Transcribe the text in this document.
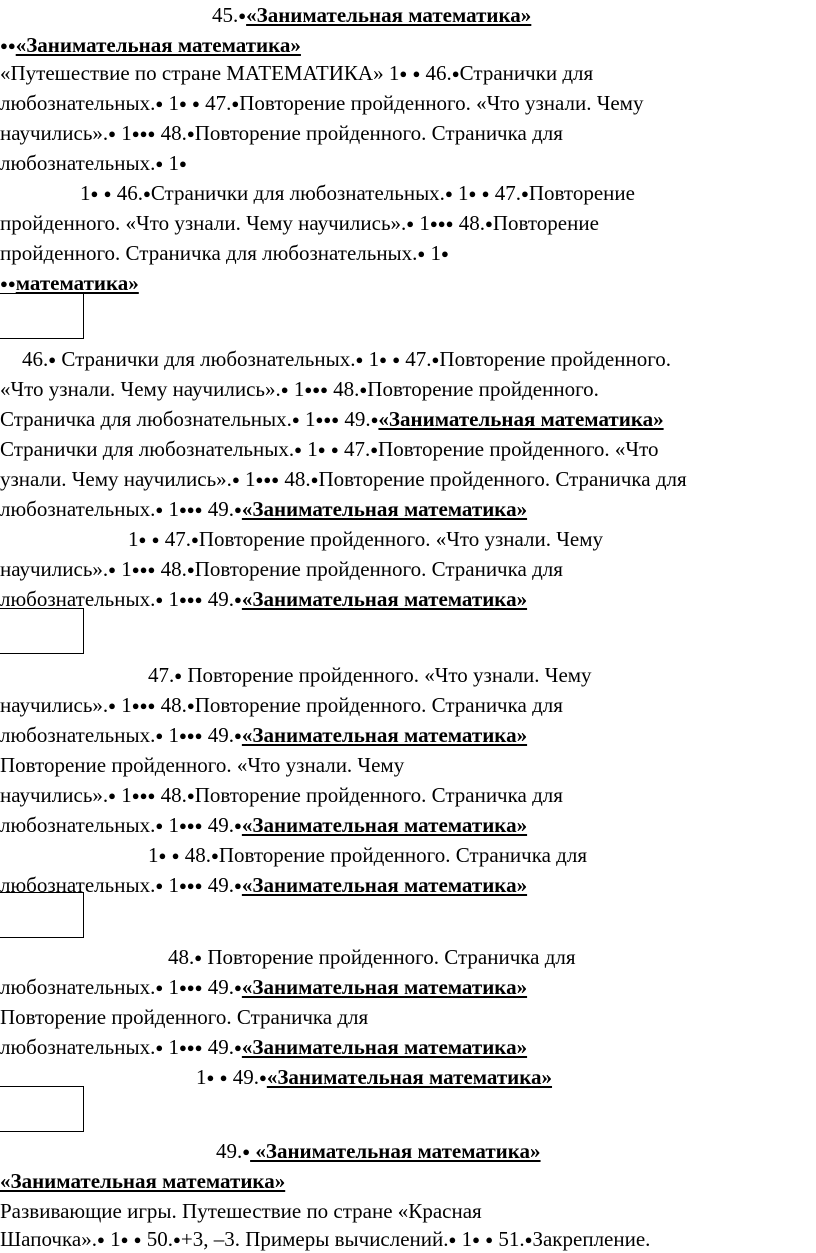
45.●«Занимательная математика»
●●«Занимательная математика»
«Путешествие по стране МАТЕМАТИКА» 1● ● 46.●Странички для
любознательных.● 1● ● 47.●Повторение пройденного. «Что узнали. Чему
научились».● 1●●● 48.●Повторение пройденного. Страничка для
любознательных.● 1●
1● ● 46.●Странички для любознательных.● 1● ● 47.●Повторение
пройденного. «Что узнали. Чему научились».● 1●●● 48.●Повторение
пройденного. Страничка для любознательных.● 1●
●●математика»
46.● Странички для любознательных.● 1● ● 47.●Повторение пройденного.
«Что узнали. Чему научились».● 1●●● 48.●Повторение пройденного.
Страничка для любознательных.● 1●●● 49.●«Занимательная математика»
Странички для любознательных.● 1● ● 47.●Повторение пройденного. «Что
узнали. Чему научились».● 1●●● 48.●Повторение пройденного. Страничка для
любознательных.● 1●●● 49.●«Занимательная математика»
1● ● 47.●Повторение пройденного. «Что узнали. Чему
научились».● 1●●● 48.●Повторение пройденного. Страничка для
любознательных.● 1●●● 49.●«Занимательная математика»
47.● Повторение пройденного. «Что узнали. Чему
научились».● 1●●● 48.●Повторение пройденного. Страничка для
любознательных.● 1●●● 49.●«Занимательная математика»
Повторение пройденного. «Что узнали. Чему
научились».● 1●●● 48.●Повторение пройденного. Страничка для
любознательных.● 1●●● 49.●«Занимательная математика»
1● ● 48.●Повторение пройденного. Страничка для
любознательных.● 1●●● 49.●«Занимательная математика»
48.● Повторение пройденного. Страничка для
любознательных.● 1●●● 49.●«Занимательная математика»
Повторение пройденного. Страничка для
любознательных.● 1●●● 49.●«Занимательная математика»
1● ● 49.●«Занимательная математика»
49.● «Занимательная математика»
«Занимательная математика»
Развивающие игры. Путешествие по стране «Красная
Шапочка».● 1● ● 50.●+3, –3. Примеры вычислений.● 1● ● 51.●Закрепление.
